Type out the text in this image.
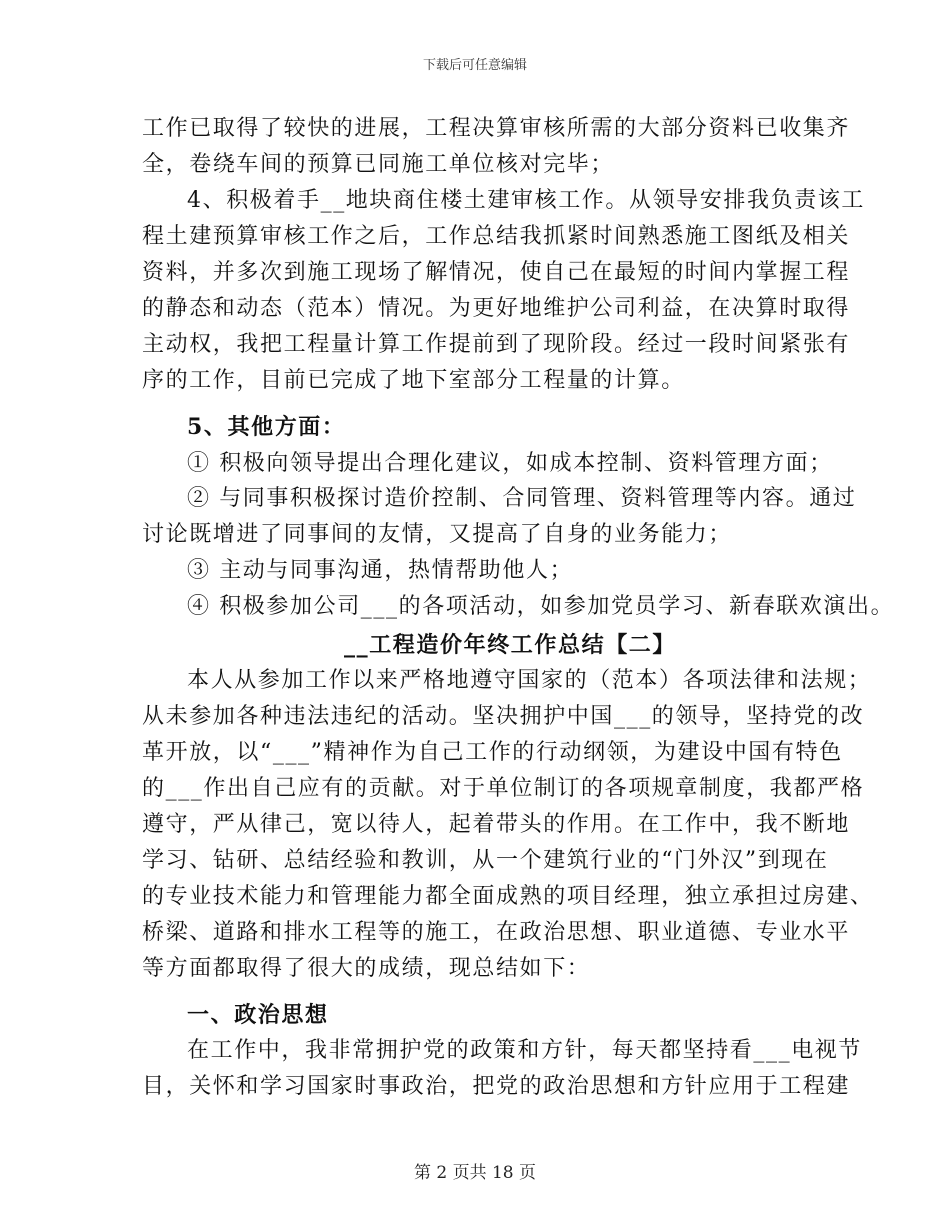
下载后可任意编辑
工作已取得了较快的进展，工程决算审核所需的大部分资料已收集齐
全，卷绕车间的预算已同施工单位核对完毕；
4、积极着手__地块商住楼土建审核工作。从领导安排我负责该工
程土建预算审核工作之后，工作总结我抓紧时间熟悉施工图纸及相关
资料，并多次到施工现场了解情况，使自己在最短的时间内掌握工程
的静态和动态（范本）情况。为更好地维护公司利益，在决算时取得
主动权，我把工程量计算工作提前到了现阶段。经过一段时间紧张有
序的工作，目前已完成了地下室部分工程量的计算。
5、其他方面：
① 积极向领导提出合理化建议，如成本控制、资料管理方面；
② 与同事积极探讨造价控制、合同管理、资料管理等内容。通过
讨论既增进了同事间的友情，又提高了自身的业务能力；
③ 主动与同事沟通，热情帮助他人；
④ 积极参加公司___的各项活动，如参加党员学习、新春联欢演出。
__工程造价年终工作总结【二】
本人从参加工作以来严格地遵守国家的（范本）各项法律和法规；
从未参加各种违法违纪的活动。坚决拥护中国___的领导，坚持党的改
革开放，以“___”精神作为自己工作的行动纲领，为建设中国有特色
的___作出自己应有的贡献。对于单位制订的各项规章制度，我都严格
遵守，严从律己，宽以待人，起着带头的作用。在工作中，我不断地
学习、钻研、总结经验和教训，从一个建筑行业的“门外汉”到现在
的专业技术能力和管理能力都全面成熟的项目经理，独立承担过房建、
桥梁、道路和排水工程等的施工，在政治思想、职业道德、专业水平
等方面都取得了很大的成绩，现总结如下：
一、政治思想
在工作中，我非常拥护党的政策和方针，每天都坚持看___电视节
目，关怀和学习国家时事政治，把党的政治思想和方针应用于工程建
第 2 页共 18 页
